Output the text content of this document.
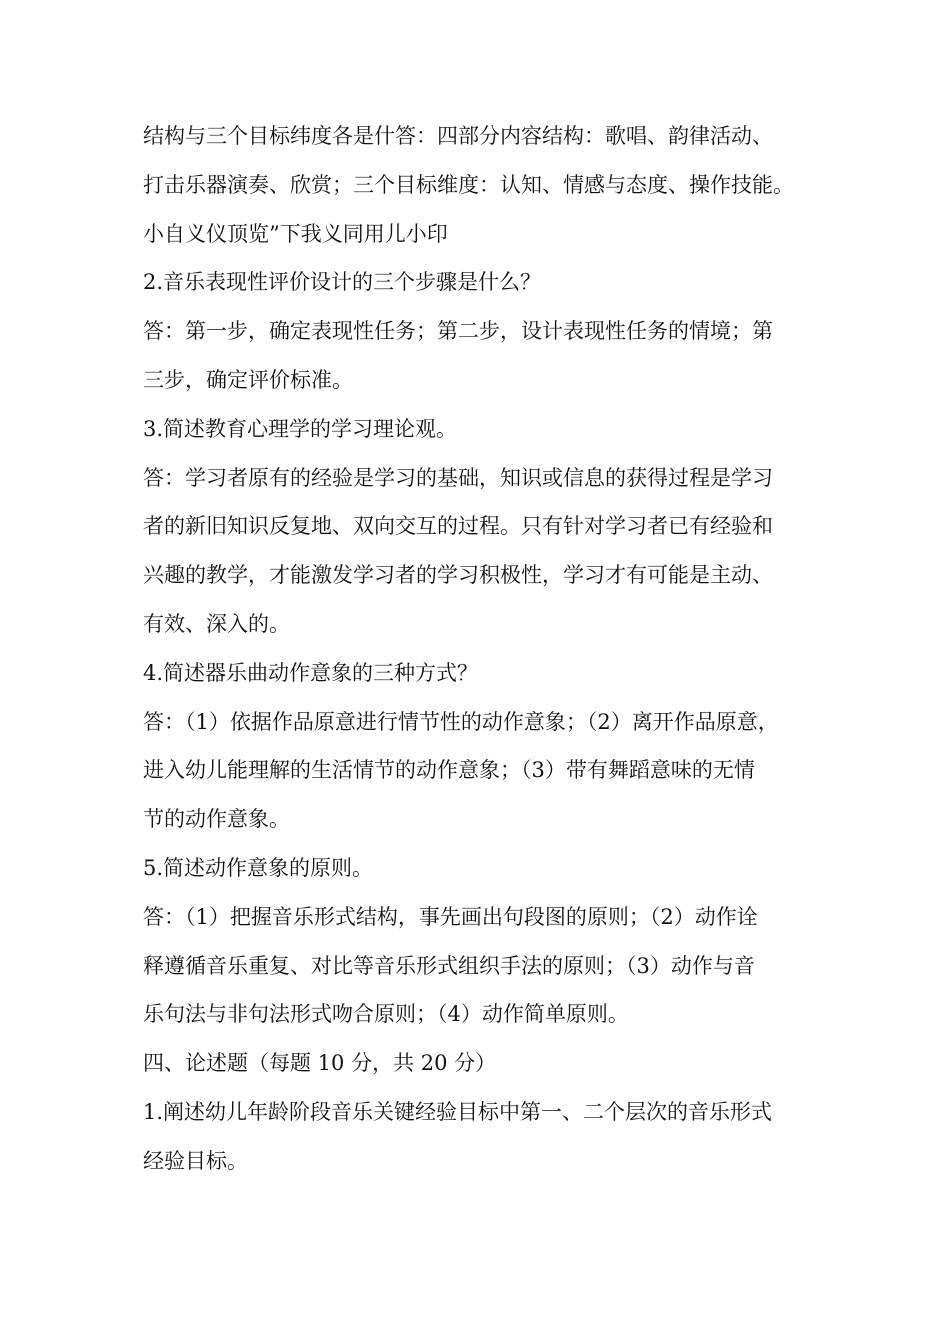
结构与三个目标纬度各是什答：四部分内容结构：歌唱、韵律活动、
打击乐器演奏、欣赏；三个目标维度：认知、情感与态度、操作技能。
小自义仪顶览”下我义同用儿小印
2.音乐表现性评价设计的三个步骤是什么？
答：第一步，确定表现性任务；第二步，设计表现性任务的情境；第
三步，确定评价标准。
3.简述教育心理学的学习理论观。
答：学习者原有的经验是学习的基础，知识或信息的获得过程是学习
者的新旧知识反复地、双向交互的过程。只有针对学习者已有经验和
兴趣的教学，才能激发学习者的学习积极性，学习才有可能是主动、
有效、深入的。
4.简述器乐曲动作意象的三种方式？
答：（1）依据作品原意进行情节性的动作意象；（2）离开作品原意，
进入幼儿能理解的生活情节的动作意象；（3）带有舞蹈意味的无情
节的动作意象。
5.简述动作意象的原则。
答：（1）把握音乐形式结构，事先画出句段图的原则；（2）动作诠
释遵循音乐重复、对比等音乐形式组织手法的原则；（3）动作与音
乐句法与非句法形式吻合原则；（4）动作简单原则。
四、论述题（每题 10 分，共 20 分）
1.阐述幼儿年龄阶段音乐关键经验目标中第一、二个层次的音乐形式
经验目标。
